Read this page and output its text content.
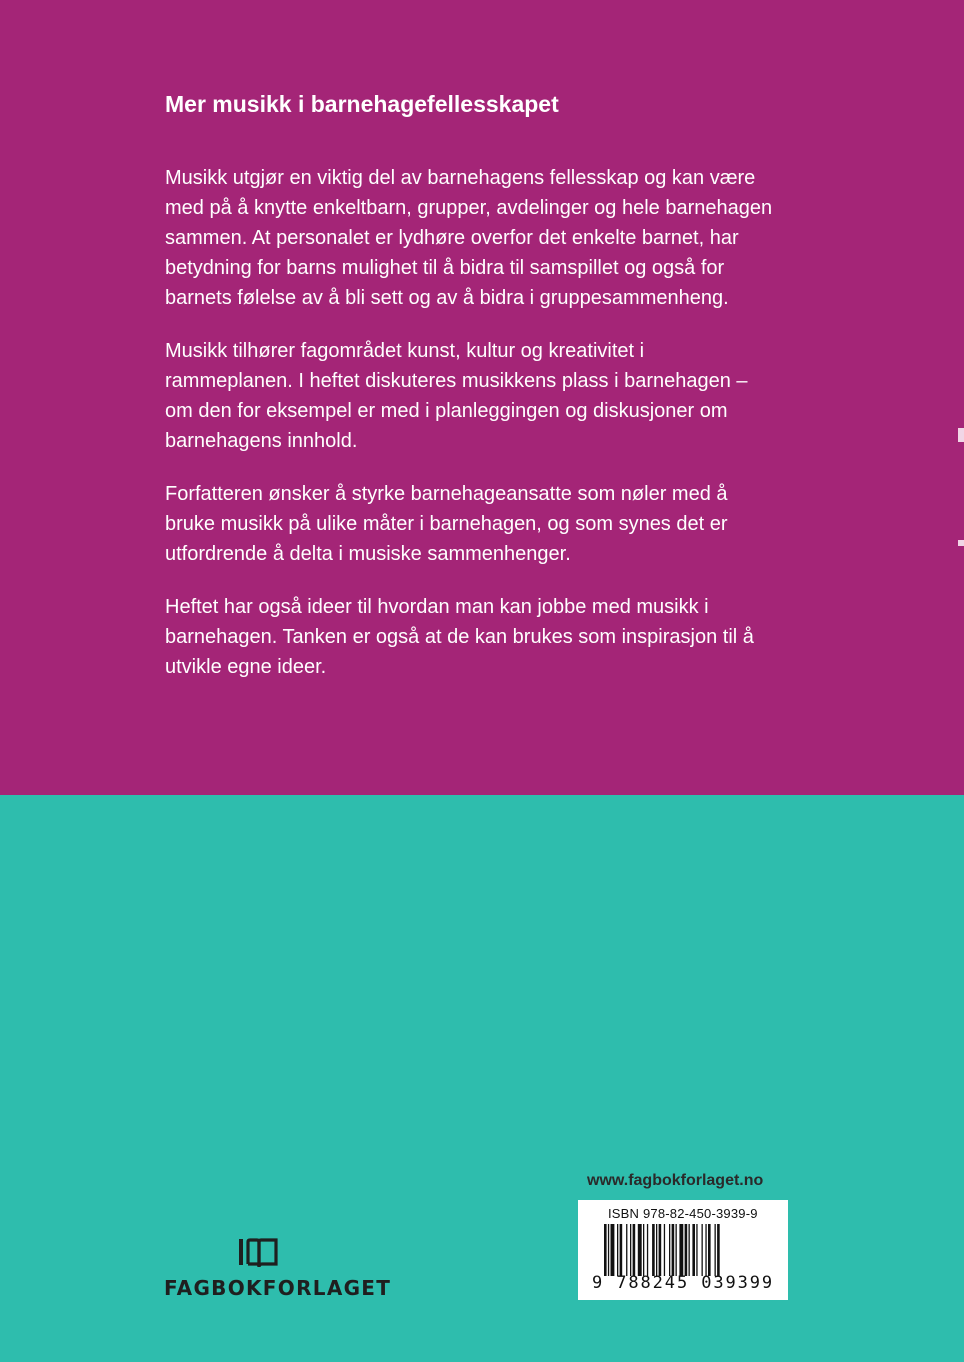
Mer musikk i barnehagefellesskapet

Musikk utgjør en viktig del av barnehagens fellesskap og kan være med på å knytte enkeltbarn, grupper, avdelinger og hele barnehagen sammen. At personalet er lydhøre overfor det enkelte barnet, har betydning for barns mulighet til å bidra til samspillet og også for barnets følelse av å bli sett og av å bidra i gruppesammenheng.

Musikk tilhører fagområdet kunst, kultur og kreativitet i rammeplanen. I heftet diskuteres musikkens plass i barnehagen – om den for eksempel er med i planleggingen og diskusjoner om barnehagens innhold.

Forfatteren ønsker å styrke barnehageansatte som nøler med å bruke musikk på ulike måter i barnehagen, og som synes det er utfordrende å delta i musiske sammenhenger.

Heftet har også ideer til hvordan man kan jobbe med musikk i barnehagen. Tanken er også at de kan brukes som inspirasjon til å utvikle egne ideer.

www.fagbokforlaget.no
ISBN 978-82-450-3939-9
9 788245 039399
FAGBOKFORLAGET
